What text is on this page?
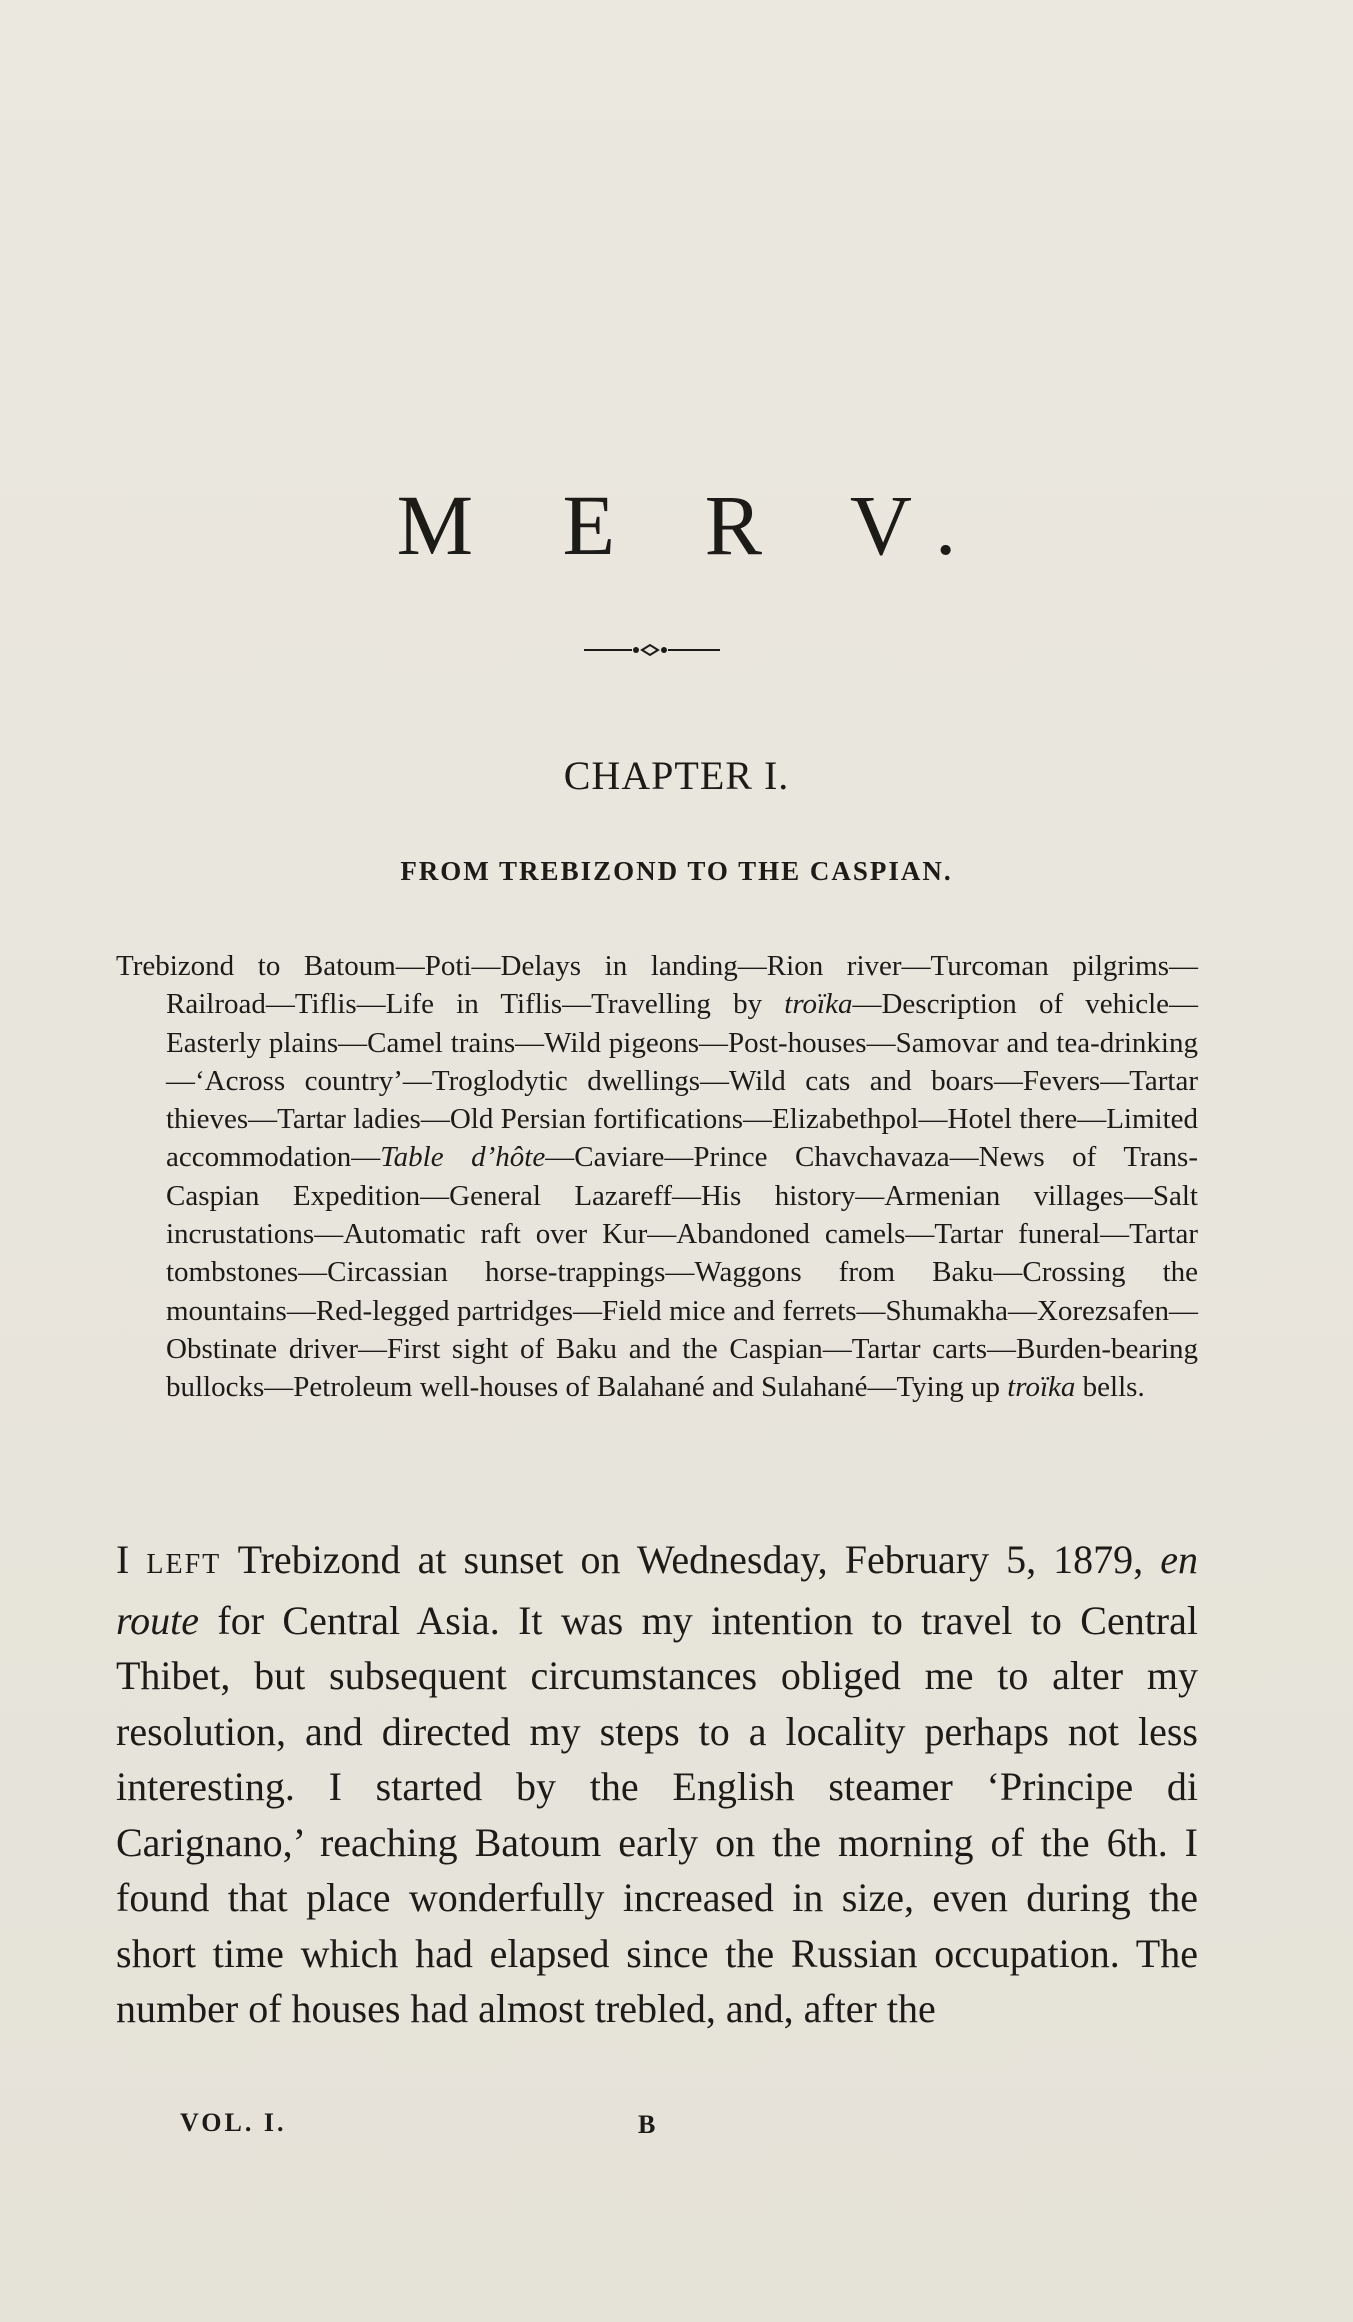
M E R V.
CHAPTER I.
FROM TREBIZOND TO THE CASPIAN.
Trebizond to Batoum—Poti—Delays in landing—Rion river—Turcoman pilgrims—Railroad—Tiflis—Life in Tiflis—Travelling by troïka—Description of vehicle—Easterly plains—Camel trains—Wild pigeons—Post-houses—Samovar and tea-drinking—‘Across country’—Troglodytic dwellings—Wild cats and boars—Fevers—Tartar thieves—Tartar ladies—Old Persian fortifications—Elizabethpol—Hotel there—Limited accommodation—Table d’hôte—Caviare—Prince Chavchavaza—News of Trans-Caspian Expedition—General Lazareff—His history—Armenian villages—Salt incrustations—Automatic raft over Kur—Abandoned camels—Tartar funeral—Tartar tombstones—Circassian horse-trappings—Waggons from Baku—Crossing the mountains—Red-legged partridges—Field mice and ferrets—Shumakha—Xorezsafen—Obstinate driver—First sight of Baku and the Caspian—Tartar carts—Burden-bearing bullocks—Petroleum well-houses of Balahané and Sulahané—Tying up troïka bells.
I LEFT Trebizond at sunset on Wednesday, February 5, 1879, en route for Central Asia. It was my intention to travel to Central Thibet, but subsequent circumstances obliged me to alter my resolution, and directed my steps to a locality perhaps not less interesting. I started by the English steamer ‘Principe di Carignano,’ reaching Batoum early on the morning of the 6th. I found that place wonderfully increased in size, even during the short time which had elapsed since the Russian occupation. The number of houses had almost trebled, and, after the
VOL. I.	B
